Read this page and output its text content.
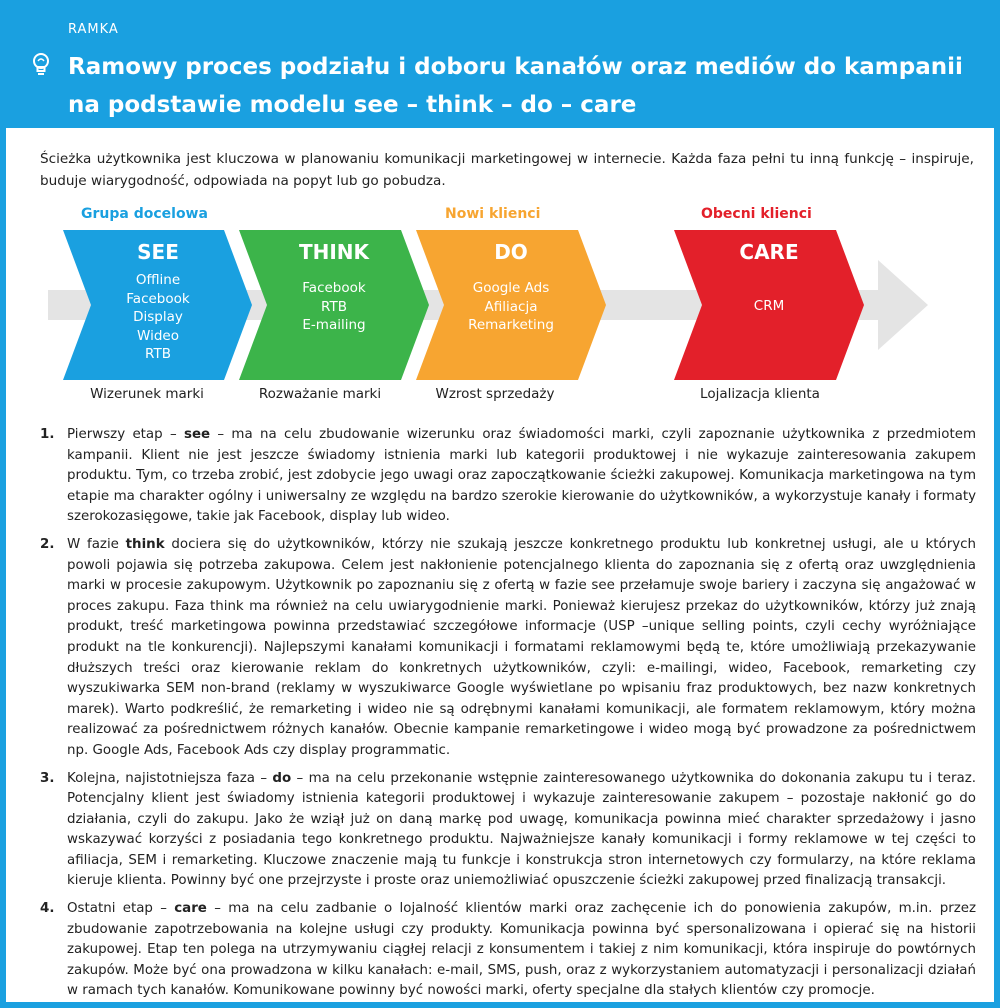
RAMKA
Ramowy proces podziału i doboru kanałów oraz mediów do kampanii
na podstawie modelu see – think – do – care
Ścieżka użytkownika jest kluczowa w planowaniu komunikacji marketingowej w internecie. Każda faza pełni tu inną funkcję – inspiruje, buduje wiarygodność, odpowiada na popyt lub go pobudza.
Grupa docelowa	Nowi klienci	Obecni klienci
SEE
Offline
Facebook
Display
Wideo
RTB
THINK
Facebook
RTB
E-mailing
DO
Google Ads
Afiliacja
Remarketing
CARE
CRM
Wizerunek marki	Rozważanie marki	Wzrost sprzedaży	Lojalizacja klienta
1. Pierwszy etap – see – ma na celu zbudowanie wizerunku oraz świadomości marki, czyli zapoznanie użytkownika z przedmiotem kampanii. Klient nie jest jeszcze świadomy istnienia marki lub kategorii produktowej i nie wykazuje zainteresowania zakupem produktu. Tym, co trzeba zrobić, jest zdobycie jego uwagi oraz zapoczątkowanie ścieżki zakupowej. Komunikacja marketingowa na tym etapie ma charakter ogólny i uniwersalny ze względu na bardzo szerokie kierowanie do użytkowników, a wykorzystuje kanały i formaty szerokozasięgowe, takie jak Facebook, display lub wideo.
2. W fazie think dociera się do użytkowników, którzy nie szukają jeszcze konkretnego produktu lub konkretnej usługi, ale u których powoli pojawia się potrzeba zakupowa. Celem jest nakłonienie potencjalnego klienta do zapoznania się z ofertą oraz uwzględnienia marki w procesie zakupowym. Użytkownik po zapoznaniu się z ofertą w fazie see przełamuje swoje bariery i zaczyna się angażować w proces zakupu. Faza think ma również na celu uwiarygodnienie marki. Ponieważ kierujesz przekaz do użytkowników, którzy już znają produkt, treść marketingowa powinna przedstawiać szczegółowe informacje (USP –unique selling points, czyli cechy wyróżniające produkt na tle konkurencji). Najlepszymi kanałami komunikacji i formatami reklamowymi będą te, które umożliwiają przekazywanie dłuższych treści oraz kierowanie reklam do konkretnych użytkowników, czyli: e-mailingi, wideo, Facebook, remarketing czy wyszukiwarka SEM non-brand (reklamy w wyszukiwarce Google wyświetlane po wpisaniu fraz produktowych, bez nazw konkretnych marek). Warto podkreślić, że remarketing i wideo nie są odrębnymi kanałami komunikacji, ale formatem reklamowym, który można realizować za pośrednictwem różnych kanałów. Obecnie kampanie remarketingowe i wideo mogą być prowadzone za pośrednictwem np. Google Ads, Facebook Ads czy display programmatic.
3. Kolejna, najistotniejsza faza – do – ma na celu przekonanie wstępnie zainteresowanego użytkownika do dokonania zakupu tu i teraz. Potencjalny klient jest świadomy istnienia kategorii produktowej i wykazuje zainteresowanie zakupem – pozostaje nakłonić go do działania, czyli do zakupu. Jako że wziął już on daną markę pod uwagę, komunikacja powinna mieć charakter sprzedażowy i jasno wskazywać korzyści z posiadania tego konkretnego produktu. Najważniejsze kanały komunikacji i formy reklamowe w tej części to afiliacja, SEM i remarketing. Kluczowe znaczenie mają tu funkcje i konstrukcja stron internetowych czy formularzy, na które reklama kieruje klienta. Powinny być one przejrzyste i proste oraz uniemożliwiać opuszczenie ścieżki zakupowej przed finalizacją transakcji.
4. Ostatni etap – care – ma na celu zadbanie o lojalność klientów marki oraz zachęcenie ich do ponowienia zakupów, m.in. przez zbudowanie zapotrzebowania na kolejne usługi czy produkty. Komunikacja powinna być spersonalizowana i opierać się na historii zakupowej. Etap ten polega na utrzymywaniu ciągłej relacji z konsumentem i takiej z nim komunikacji, która inspiruje do powtórnych zakupów. Może być ona prowadzona w kilku kanałach: e-mail, SMS, push, oraz z wykorzystaniem automatyzacji i personalizacji działań w ramach tych kanałów. Komunikowane powinny być nowości marki, oferty specjalne dla stałych klientów czy promocje.
